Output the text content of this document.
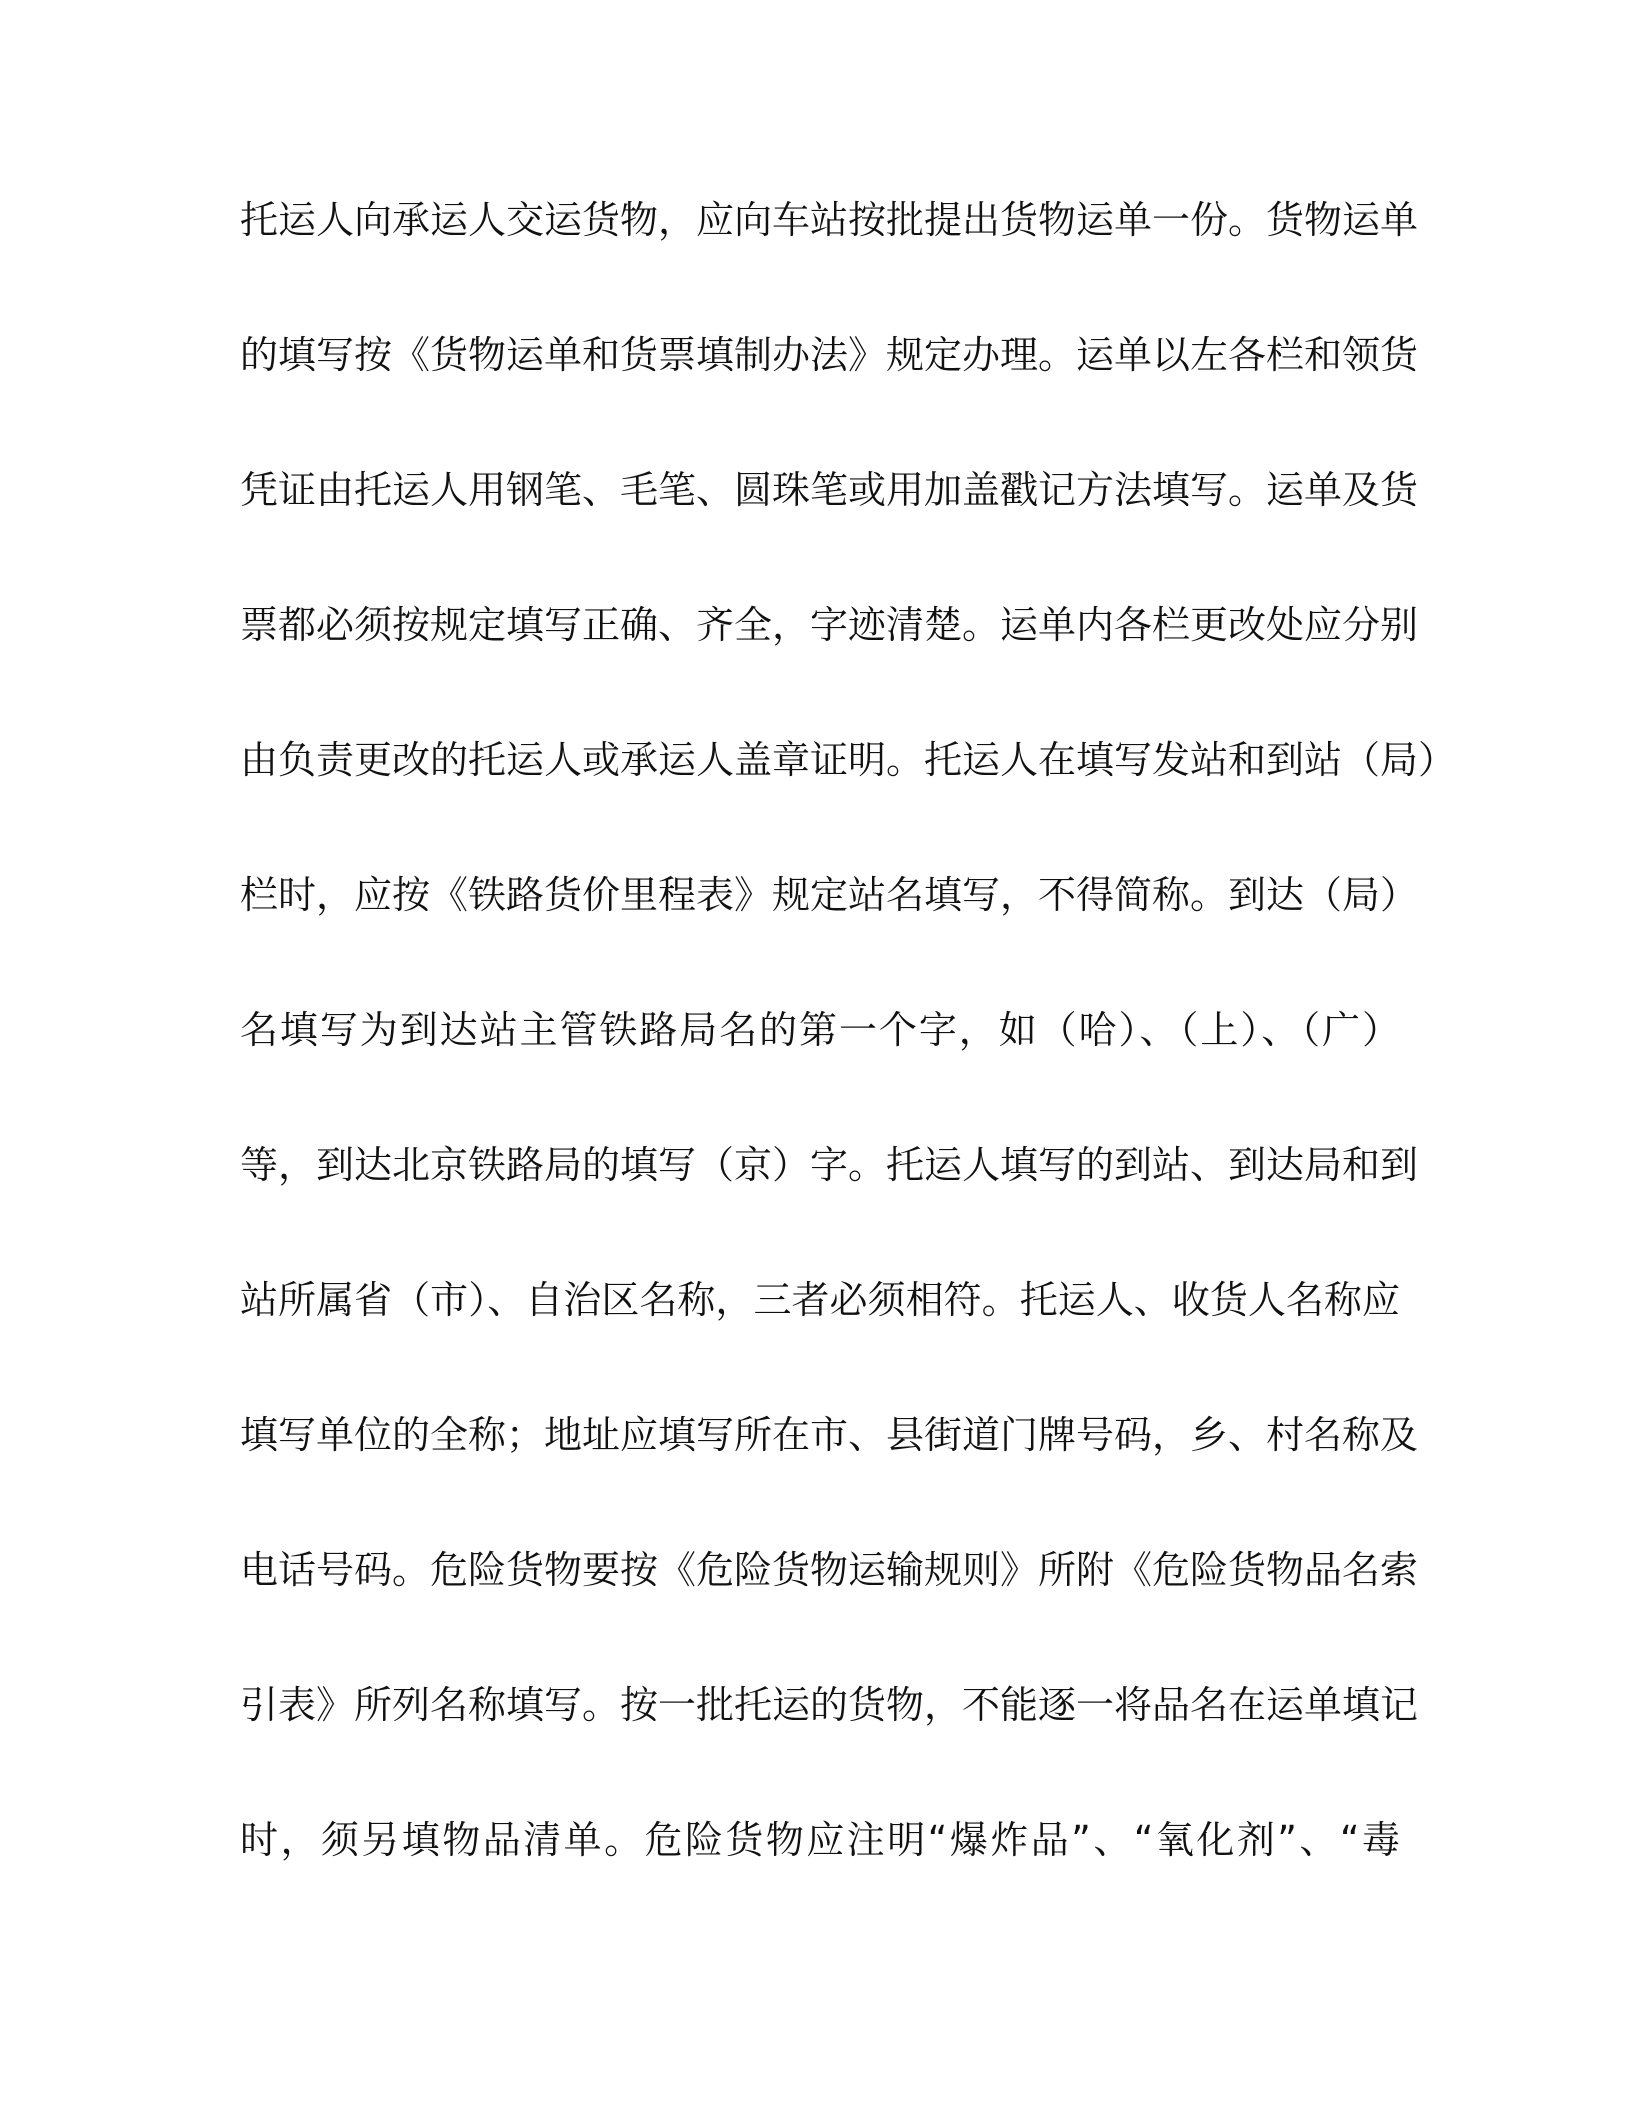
托运人向承运人交运货物，应向车站按批提出货物运单一份。货物运单
的填写按《货物运单和货票填制办法》规定办理。运单以左各栏和领货
凭证由托运人用钢笔、毛笔、圆珠笔或用加盖戳记方法填写。运单及货
票都必须按规定填写正确、齐全，字迹清楚。运单内各栏更改处应分别
由负责更改的托运人或承运人盖章证明。托运人在填写发站和到站（局）
栏时，应按《铁路货价里程表》规定站名填写，不得简称。到达（局）
名填写为到达站主管铁路局名的第一个字，如（哈）、（上）、（广）
等，到达北京铁路局的填写（京）字。托运人填写的到站、到达局和到
站所属省（市）、自治区名称，三者必须相符。托运人、收货人名称应
填写单位的全称；地址应填写所在市、县街道门牌号码，乡、村名称及
电话号码。危险货物要按《危险货物运输规则》所附《危险货物品名索
引表》所列名称填写。按一批托运的货物，不能逐一将品名在运单填记
时，须另填物品清单。危险货物应注明“爆炸品”、“氧化剂”、“毒
